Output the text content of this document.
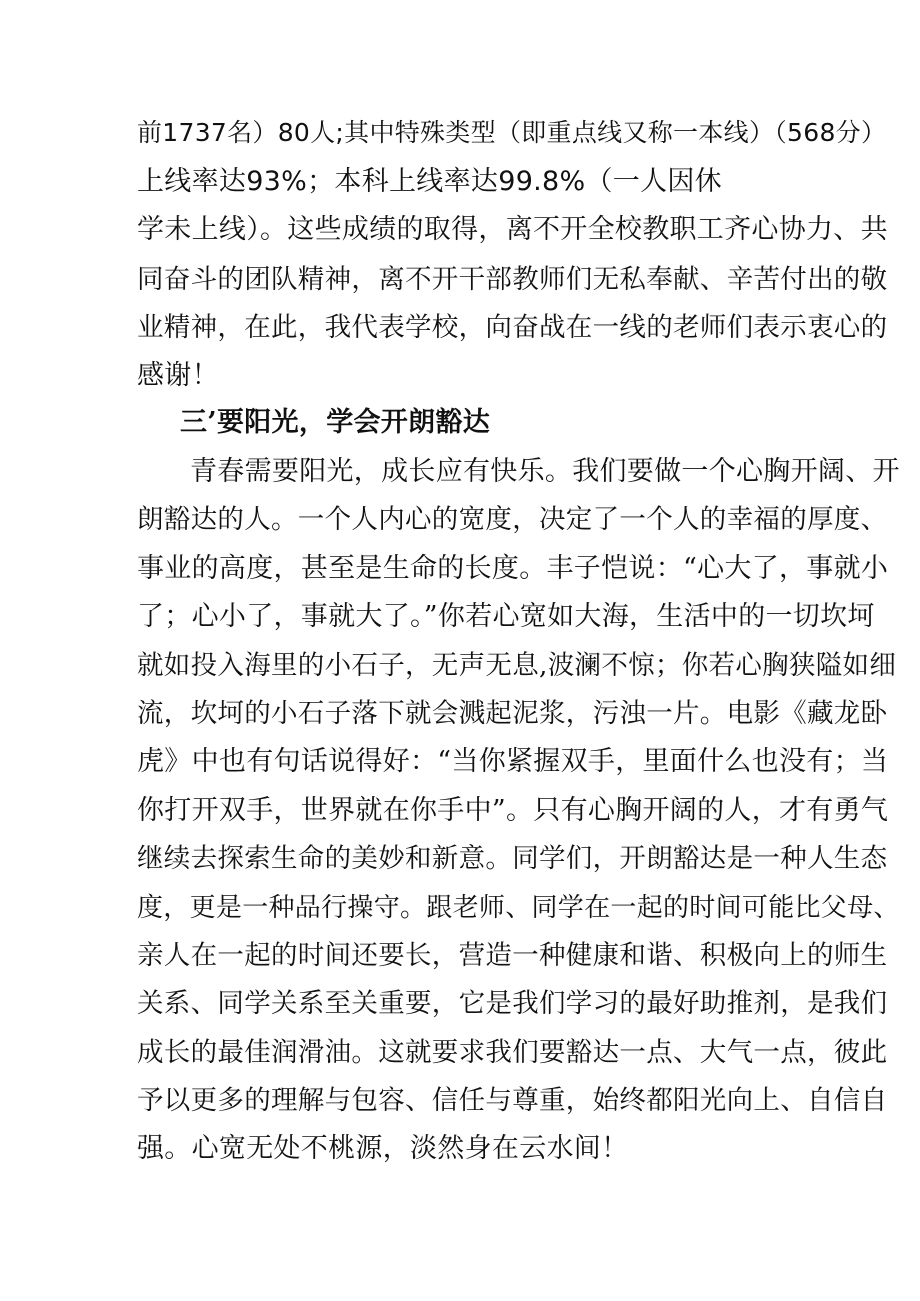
前1737名）80人;其中特殊类型（即重点线又称一本线）（568分）
上线率达93%；本科上线率达99.8%（一人因休
学未上线）。这些成绩的取得，离不开全校教职工齐心协力、共
同奋斗的团队精神，离不开干部教师们无私奉献、辛苦付出的敬
业精神，在此，我代表学校，向奋战在一线的老师们表示衷心的
感谢！
三’要阳光，学会开朗豁达
青春需要阳光，成长应有快乐。我们要做一个心胸开阔、开
朗豁达的人。一个人内心的宽度，决定了一个人的幸福的厚度、
事业的高度，甚至是生命的长度。丰子恺说：“心大了，事就小
了；心小了，事就大了。”你若心宽如大海，生活中的一切坎坷
就如投入海里的小石子，无声无息,波澜不惊；你若心胸狭隘如细
流，坎坷的小石子落下就会溅起泥浆，污浊一片。电影《藏龙卧
虎》中也有句话说得好：“当你紧握双手，里面什么也没有；当
你打开双手，世界就在你手中”。只有心胸开阔的人，才有勇气
继续去探索生命的美妙和新意。同学们，开朗豁达是一种人生态
度，更是一种品行操守。跟老师、同学在一起的时间可能比父母、
亲人在一起的时间还要长，营造一种健康和谐、积极向上的师生
关系、同学关系至关重要，它是我们学习的最好助推剂，是我们
成长的最佳润滑油。这就要求我们要豁达一点、大气一点，彼此
予以更多的理解与包容、信任与尊重，始终都阳光向上、自信自
强。心宽无处不桃源，淡然身在云水间！
